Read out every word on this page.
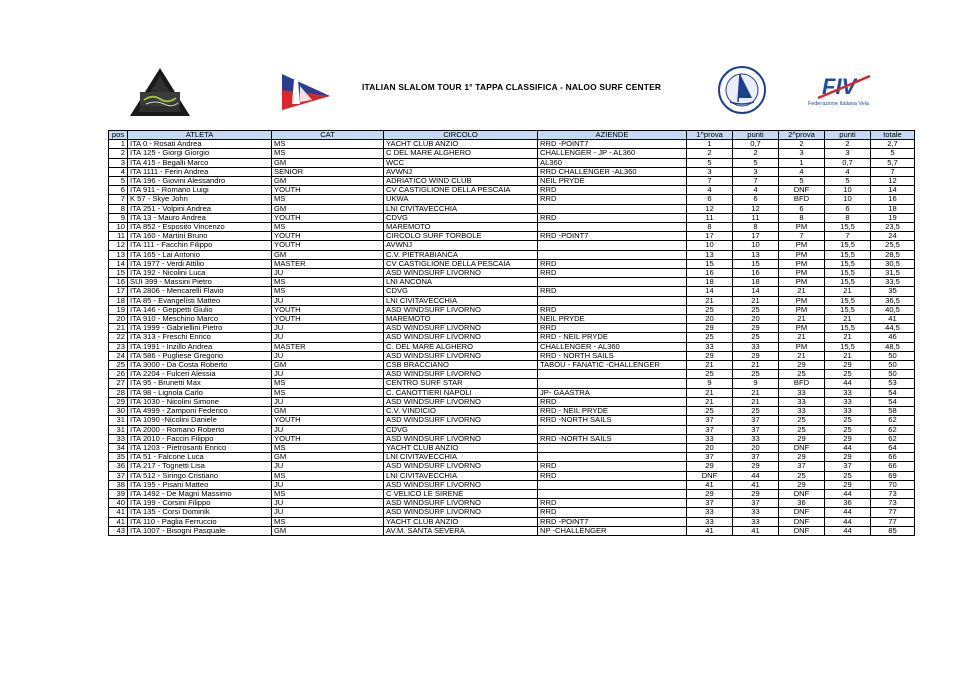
FIV
Federazione Italiana Vela
ITALIAN SLALOM TOUR 1° TAPPA CLASSIFICA - NALOO SURF CENTER
pos	ATLETA	CAT	CIRCOLO	AZIENDE	1^prova	punti	2^prova	punti	totale
1	ITA 0 - Rosati Andrea	MS	YACHT CLUB ANZIO	RRD -POINT7	1	0,7	2	2	2,7
2	ITA 125 - Giorgi Giorgio	MS	C DEL MARE ALGHERO	CHALLENGER - JP - AL360	2	2	3	3	5
3	ITA 415 - Begalli Marco	GM	WCC	AL360	5	5	1	0,7	5,7
4	ITA 1111 - Ferin Andrea	SENIOR	AVWNJ	RRD CHALLENGER -AL360	3	3	4	4	7
5	ITA 196 - Giovini Alessandro	GM	ADRIATICO WIND CLUB	NEIL PRYDE	7	7	5	5	12
6	ITA 911 - Romano Luigi	YOUTH	CV CASTIGLIONE DELLA PESCAIA	RRD	4	4	DNF	10	14
7	K 57 - Skye John	MS	UKWA	RRD	6	6	BFD	10	16
8	ITA 251 - Volpini Andrea	GM	LNI CIVITAVECCHIA		12	12	6	6	18
9	ITA 13 - Mauro Andrea	YOUTH	CDVG	RRD	11	11	8	8	19
10	ITA 852 - Esposito Vincenzo	MS	MAREMOTO		8	8	PM	15,5	23,5
11	ITA 160 - Martini Bruno	YOUTH	CIRCOLO SURF TORBOLE	RRD -POINT7	17	17	7	7	24
12	ITA 111 - Facchin Filippo	YOUTH	AVWNJ		10	10	PM	15,5	25,5
13	ITA 165 - Lai Antonio	GM	C.V. PIETRABIANCA		13	13	PM	15,5	28,5
14	ITA 1977 - Verdi Attilio	MASTER	CV CASTIGLIONE DELLA PESCAIA	RRD	15	15	PM	15,5	30,5
15	ITA 192 - Nicolini Luca	JU	ASD WINDSURF LIVORNO	RRD	16	16	PM	15,5	31,5
16	SUI 399 - Massini Pietro	MS	LNI ANCONA		18	18	PM	15,5	33,5
17	ITA 2806 - Mencarelli Flavio	MS	CDVG	RRD	14	14	21	21	35
18	ITA 85 - Evangelisti Matteo	JU	LNI CIVITAVECCHIA		21	21	PM	15,5	36,5
19	ITA 146 - Geppetti Giulio	YOUTH	ASD WINDSURF LIVORNO	RRD	25	25	PM	15,5	40,5
20	ITA 910 - Meschino Marco	YOUTH	MAREMOTO	NEIL PRYDE	20	20	21	21	41
21	ITA 1999 - Gabriellini Pietro	JU	ASD WINDSURF LIVORNO	RRD	29	29	PM	15,5	44,5
22	ITA 313 - Freschi Enrico	JU	ASD WINDSURF LIVORNO	RRD - NEIL PRYDE	25	25	21	21	46
23	ITA 1991 - Inzillo Andrea	MASTER	C. DEL MARE ALGHERO	CHALLENGER - AL360	33	33	PM	15,5	48,5
24	ITA 586 - Pugliese Gregorio	JU	ASD WINDSURF LIVORNO	RRD - NORTH SAILS	29	29	21	21	50
25	ITA 3000 - Da Costa Roberto	GM	CSB BRACCIANO	TABOU - FANATIC -CHALLENGER	21	21	29	29	50
26	ITA 2204 - Fulceri Alessia	JU	ASD WINDSURF LIVORNO		25	25	25	25	50
27	ITA 95 - Brunetti Max	MS	CENTRO SURF STAR		9	9	BFD	44	53
28	ITA 98 - Lignola Carlo	MS	C. CANOTTIERI NAPOLI	JP- GAASTRA	21	21	33	33	54
29	ITA 1030 - Nicolini Simone	JU	ASD WINDSURF LIVORNO	RRD	21	21	33	33	54
30	ITA 4999 - Zamponi Federico	GM	C.V. VINDICIO	RRD - NEIL PRYDE	25	25	33	33	58
31	ITA 1090 -Nicolini Daniele	YOUTH	ASD WINDSURF LIVORNO	RRD -NORTH SAILS	37	37	25	25	62
31	ITA 2000 - Romano Roberto	JU	CDVG		37	37	25	25	62
33	ITA 2010 - Faccin Filippo	YOUTH	ASD WINDSURF LIVORNO	RRD -NORTH SAILS	33	33	29	29	62
34	ITA 1203 - Pietrosanti Enrico	MS	YACHT CLUB ANZIO		20	20	DNF	44	64
35	ITA 51 - Falcone Luca	GM	LNI CIVITAVECCHIA		37	37	29	29	66
36	ITA 217 - Tognetti Lisa	JU	ASD WINDSURF LIVORNO	RRD	29	29	37	37	66
37	ITA 512 - Siringo Cristiano	MS	LNI CIVITAVECCHIA	RRD	DNF	44	25	25	69
38	ITA 195 - Pisani Matteo	JU	ASD WINDSURF LIVORNO		41	41	29	29	70
39	ITA 1492 - De Magni Massimo	MS	C VELICO LE SIRENE		29	29	DNF	44	73
40	ITA 199 - Corsini Filippo	JU	ASD WINDSURF LIVORNO	RRD	37	37	36	36	73
41	ITA 135 - Corsi Dominik	JU	ASD WINDSURF LIVORNO	RRD	33	33	DNF	44	77
41	ITA 110 - Paglia Ferruccio	MS	YACHT CLUB ANZIO	RRD -POINT7	33	33	DNF	44	77
43	ITA 1007 - Bisogni Pasquale	GM	AV.M. SANTA SEVERA	NP -CHALLENGER	41	41	DNF	44	85
